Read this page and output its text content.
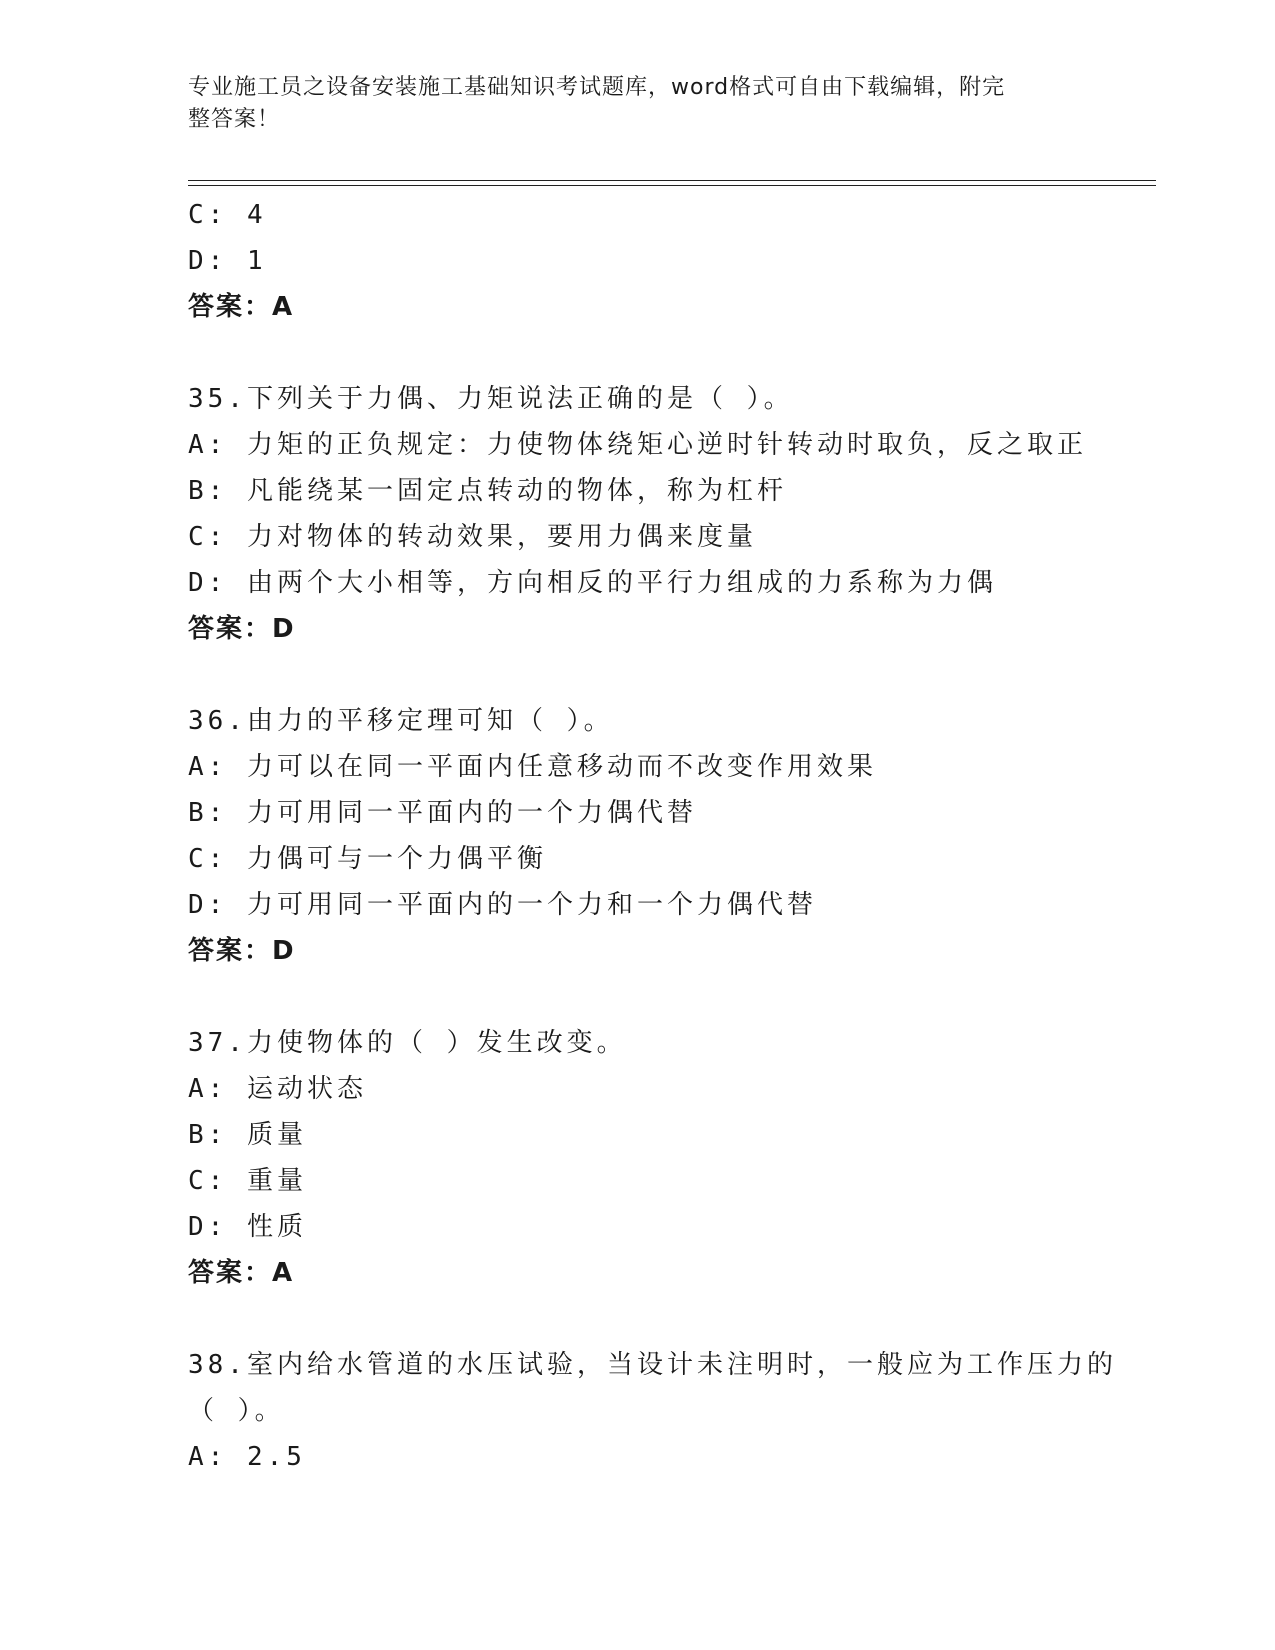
专业施工员之设备安装施工基础知识考试题库，word格式可自由下载编辑，附完
整答案！
C: 4
D: 1
答案：A
35.下列关于力偶、力矩说法正确的是（ ）。
A: 力矩的正负规定：力使物体绕矩心逆时针转动时取负，反之取正
B: 凡能绕某一固定点转动的物体，称为杠杆
C: 力对物体的转动效果，要用力偶来度量
D: 由两个大小相等，方向相反的平行力组成的力系称为力偶
答案：D
36.由力的平移定理可知（ ）。
A: 力可以在同一平面内任意移动而不改变作用效果
B: 力可用同一平面内的一个力偶代替
C: 力偶可与一个力偶平衡
D: 力可用同一平面内的一个力和一个力偶代替
答案：D
37.力使物体的（ ）发生改变。
A: 运动状态
B: 质量
C: 重量
D: 性质
答案：A
38.室内给水管道的水压试验，当设计未注明时，一般应为工作压力的
（ ）。
A: 2.5
